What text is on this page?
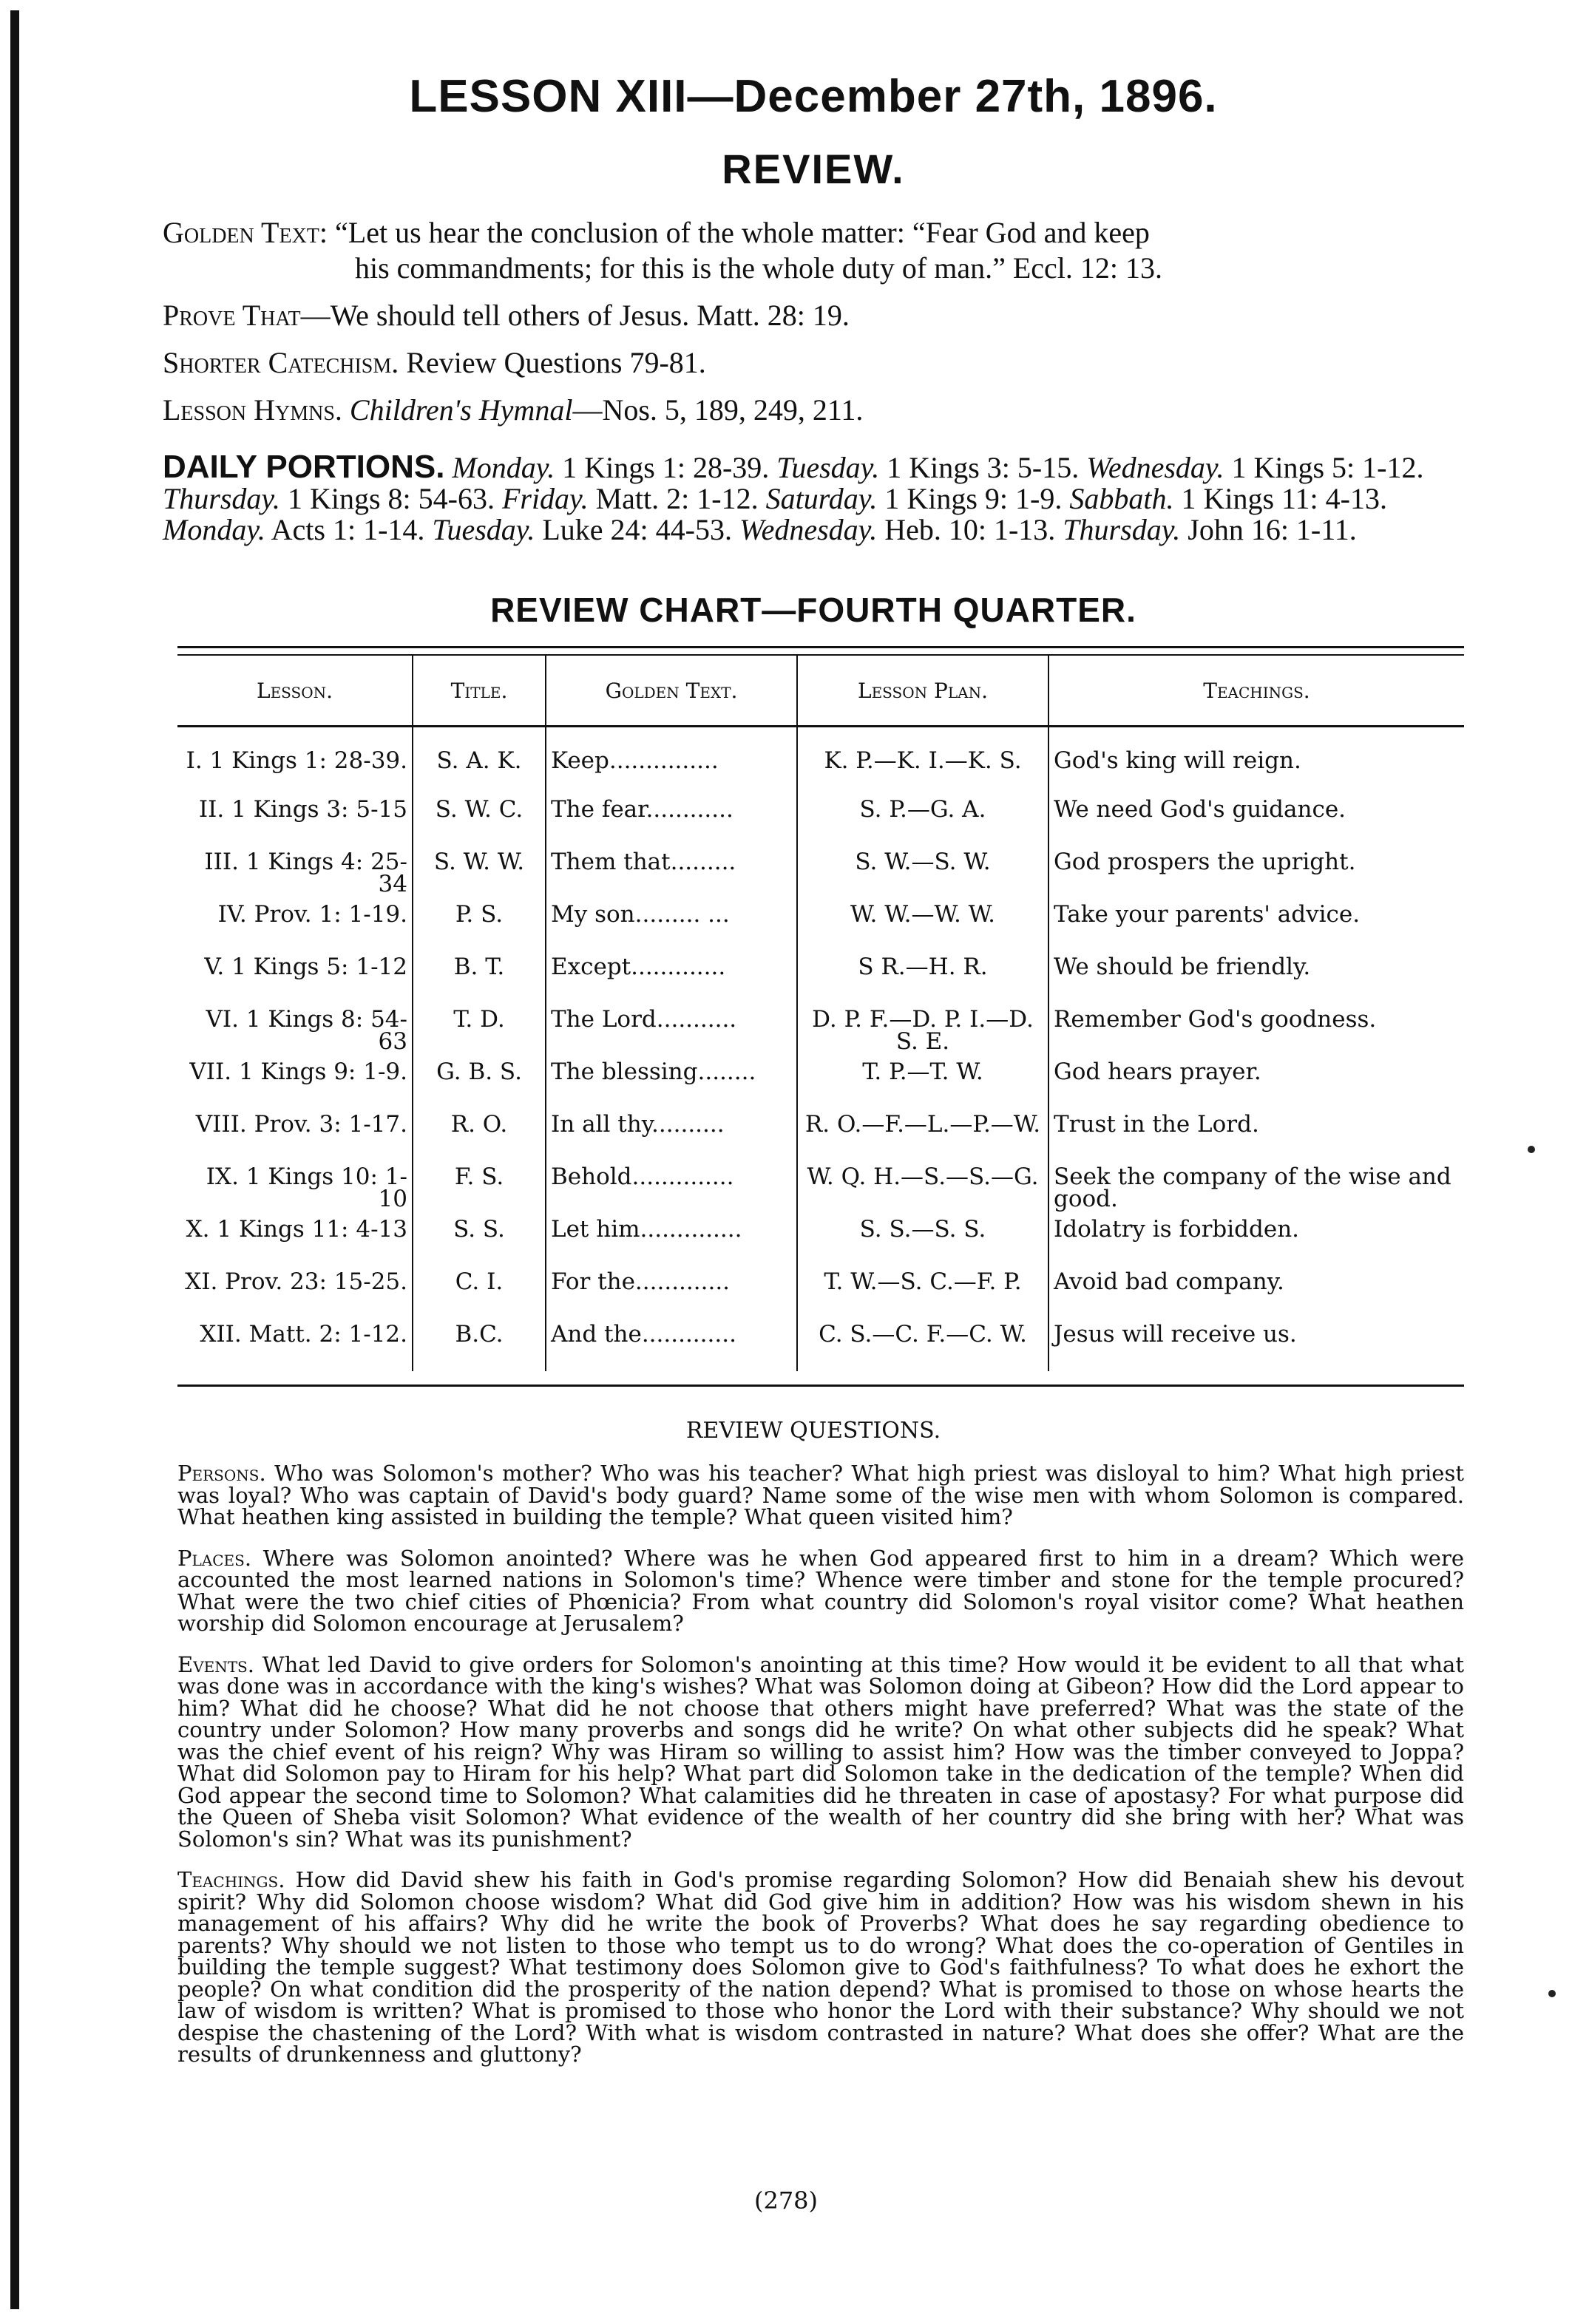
LESSON XIII—December 27th, 1896.
REVIEW.
Golden Text: “Let us hear the conclusion of the whole matter: “Fear God and keep
his commandments; for this is the whole duty of man.” Eccl. 12: 13.
Prove That—We should tell others of Jesus. Matt. 28: 19.
Shorter Catechism. Review Questions 79-81.
Lesson Hymns. Children's Hymnal—Nos. 5, 189, 249, 211.
DAILY PORTIONS. Monday. 1 Kings 1: 28-39. Tuesday. 1 Kings 3: 5-15. Wednesday. 1 Kings 5: 1-12. Thursday. 1 Kings 8: 54-63. Friday. Matt. 2: 1-12. Saturday. 1 Kings 9: 1-9. Sabbath. 1 Kings 11: 4-13. Monday. Acts 1: 1-14. Tuesday. Luke 24: 44-53. Wednesday. Heb. 10: 1-13. Thursday. John 16: 1-11.
REVIEW CHART—FOURTH QUARTER.
Lesson.	Title.	Golden Text.	Lesson Plan.	Teachings.
I. 1 Kings 1: 28-39.	S. A. K.	Keep...............	K. P.—K. I.—K. S.	God's king will reign.
II. 1 Kings 3: 5-15	S. W. C.	The fear............	S. P.—G. A.	We need God's guidance.
III. 1 Kings 4: 25-34	S. W. W.	Them that.........	S. W.—S. W.	God prospers the upright.
IV. Prov. 1: 1-19.	P. S.	My son......... ...	W. W.—W. W.	Take your parents' advice.
V. 1 Kings 5: 1-12	B. T.	Except.............	S R.—H. R.	We should be friendly.
VI. 1 Kings 8: 54-63	T. D.	The Lord...........	D. P. F.—D. P. I.—D. S. E.	Remember God's goodness.
VII. 1 Kings 9: 1-9.	G. B. S.	The blessing........	T. P.—T. W.	God hears prayer.
VIII. Prov. 3: 1-17.	R. O.	In all thy..........	R. O.—F.—L.—P.—W.	Trust in the Lord.
IX. 1 Kings 10: 1-10	F. S.	Behold..............	W. Q. H.—S.—S.—G.	Seek the company of the wise and good.
X. 1 Kings 11: 4-13	S. S.	Let him..............	S. S.—S. S.	Idolatry is forbidden.
XI. Prov. 23: 15-25.	C. I.	For the.............	T. W.—S. C.—F. P.	Avoid bad company.
XII. Matt. 2: 1-12.	B.C.	And the.............	C. S.—C. F.—C. W.	Jesus will receive us.
REVIEW QUESTIONS.

Persons. Who was Solomon's mother? Who was his teacher? What high priest was disloyal to him? What high priest was loyal? Who was captain of David's body guard? Name some of the wise men with whom Solomon is compared. What heathen king assisted in building the temple? What queen visited him?

Places. Where was Solomon anointed? Where was he when God appeared first to him in a dream? Which were accounted the most learned nations in Solomon's time? Whence were timber and stone for the temple procured? What were the two chief cities of Phœnicia? From what country did Solomon's royal visitor come? What heathen worship did Solomon encourage at Jerusalem?

Events. What led David to give orders for Solomon's anointing at this time? How would it be evident to all that what was done was in accordance with the king's wishes? What was Solomon doing at Gibeon? How did the Lord appear to him? What did he choose? What did he not choose that others might have preferred? What was the state of the country under Solomon? How many proverbs and songs did he write? On what other subjects did he speak? What was the chief event of his reign? Why was Hiram so willing to assist him? How was the timber conveyed to Joppa? What did Solomon pay to Hiram for his help? What part did Solomon take in the dedication of the temple? When did God appear the second time to Solomon? What calamities did he threaten in case of apostasy? For what purpose did the Queen of Sheba visit Solomon? What evidence of the wealth of her country did she bring with her? What was Solomon's sin? What was its punishment?

Teachings. How did David shew his faith in God's promise regarding Solomon? How did Benaiah shew his devout spirit? Why did Solomon choose wisdom? What did God give him in addition? How was his wisdom shewn in his management of his affairs? Why did he write the book of Proverbs? What does he say regarding obedience to parents? Why should we not listen to those who tempt us to do wrong? What does the co-operation of Gentiles in building the temple suggest? What testimony does Solomon give to God's faithfulness? To what does he exhort the people? On what condition did the prosperity of the nation depend? What is promised to those on whose hearts the law of wisdom is written? What is promised to those who honor the Lord with their substance? Why should we not despise the chastening of the Lord? With what is wisdom contrasted in nature? What does she offer? What are the results of drunkenness and gluttony?

(278)
